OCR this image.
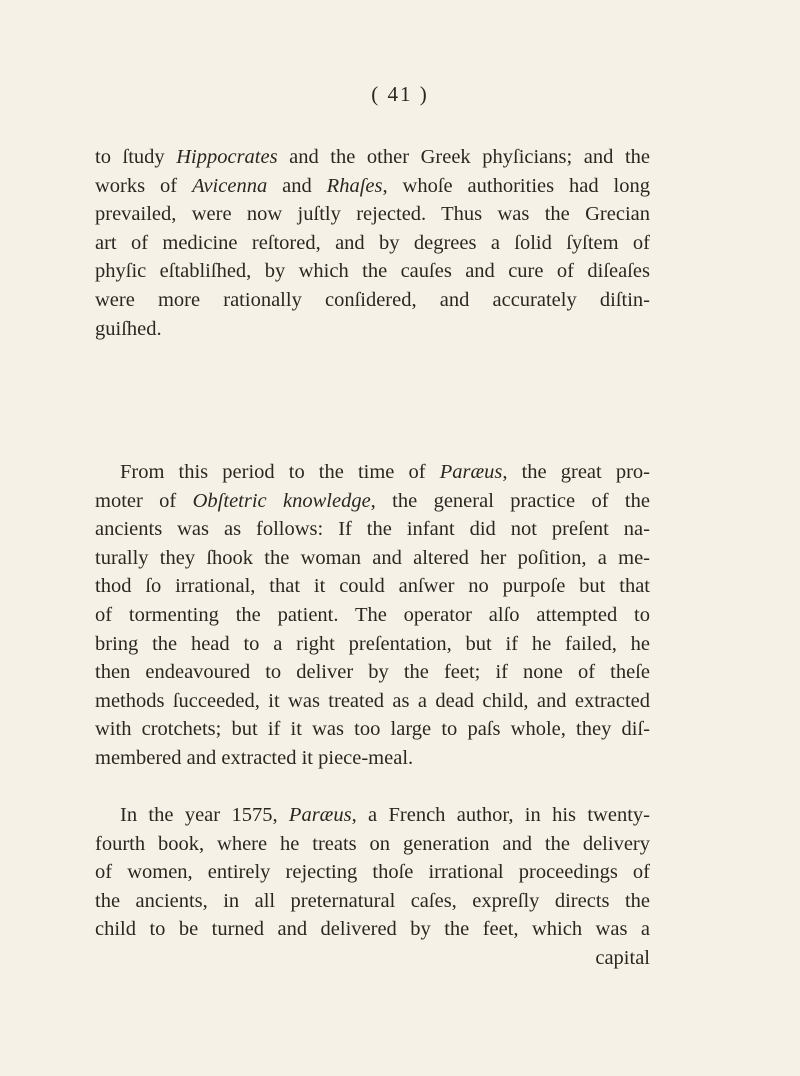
( 41 )
to ſtudy Hippocrates and the other Greek phyſicians; and the
works of Avicenna and Rhaſes, whoſe authorities had long
prevailed, were now juſtly rejected. Thus was the Grecian
art of medicine reſtored, and by degrees a ſolid ſyſtem of
phyſic eſtabliſhed, by which the cauſes and cure of diſeaſes
were more rationally conſidered, and accurately diſtin-
guiſhed.
From this period to the time of Paræus, the great pro-
moter of Obſtetric knowledge, the general practice of the
ancients was as follows: If the infant did not preſent na-
turally they ſhook the woman and altered her poſition, a me-
thod ſo irrational, that it could anſwer no purpoſe but that
of tormenting the patient. The operator alſo attempted to
bring the head to a right preſentation, but if he failed, he
then endeavoured to deliver by the feet; if none of theſe
methods ſucceeded, it was treated as a dead child, and extracted
with crotchets; but if it was too large to paſs whole, they diſ-
membered and extracted it piece-meal.
In the year 1575, Paræus, a French author, in his twenty-
fourth book, where he treats on generation and the delivery
of women, entirely rejecting thoſe irrational proceedings of
the ancients, in all preternatural caſes, expreſly directs the
child to be turned and delivered by the feet, which was a
capital
